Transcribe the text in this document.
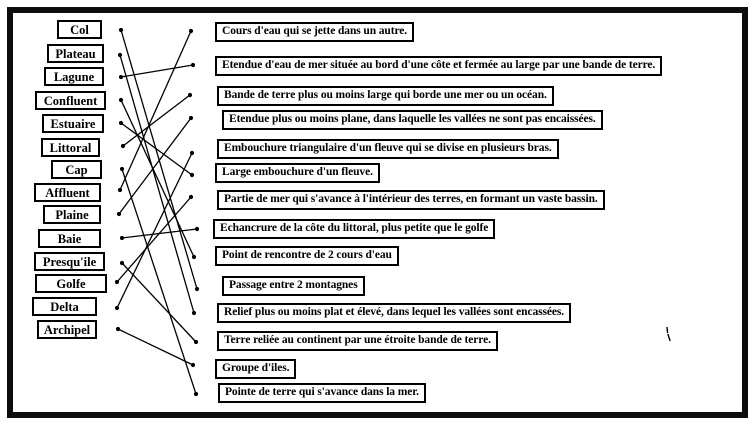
Col
Plateau
Lagune
Confluent
Estuaire
Littoral
Cap
Affluent
Plaine
Baie
Presqu'ile
Golfe
Delta
Archipel
Cours d'eau qui se jette dans un autre.
Etendue d'eau de mer située au bord d'une côte et fermée au large par une bande de terre.
Bande de terre plus ou moins large qui borde une mer ou un océan.
Etendue plus ou moins plane, dans laquelle les vallées ne sont pas encaissées.
Embouchure triangulaire d'un fleuve qui se divise en plusieurs bras.
Large embouchure d'un fleuve.
Partie de mer qui s'avance à l'intérieur des terres, en formant un vaste bassin.
Echancrure de la côte du littoral, plus petite que le golfe
Point de rencontre de 2 cours d'eau
Passage entre 2 montagnes
Relief plus ou moins plat et élevé, dans lequel les vallées sont encassées.
Terre reliée au continent par une étroite bande de terre.
Groupe d'iles.
Pointe de terre qui s'avance dans la mer.
